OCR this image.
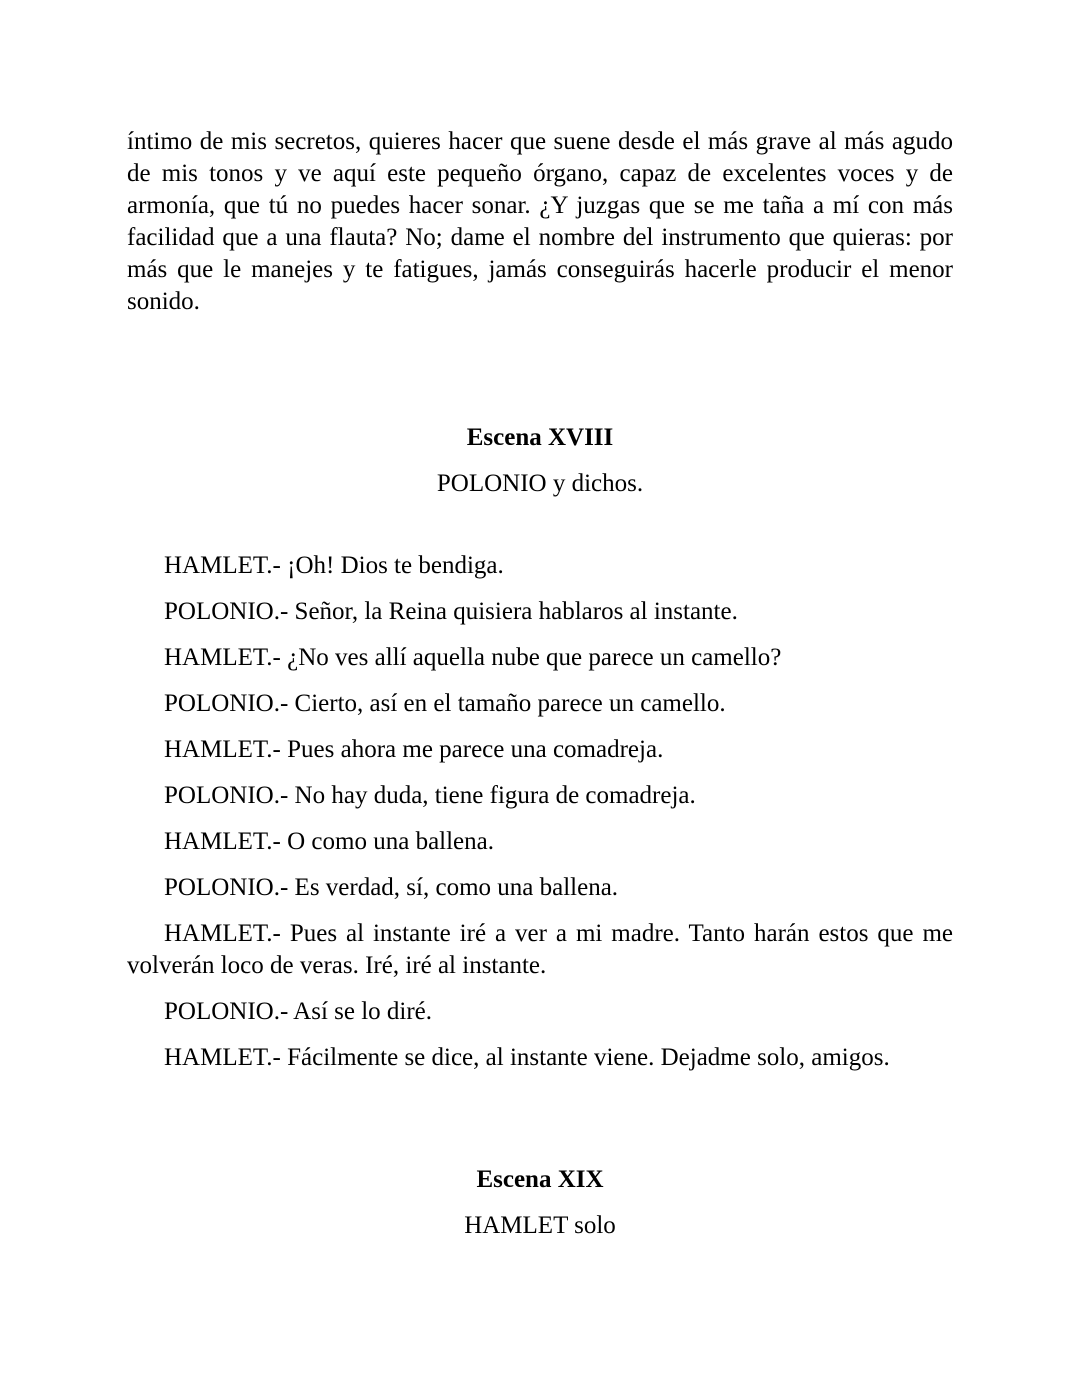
íntimo de mis secretos, quieres hacer que suene desde el más grave al más agudo de mis tonos y ve aquí este pequeño órgano, capaz de excelentes voces y de armonía, que tú no puedes hacer sonar. ¿Y juzgas que se me taña a mí con más facilidad que a una flauta? No; dame el nombre del instrumento que quieras: por más que le manejes y te fatigues, jamás conseguirás hacerle producir el menor sonido.

Escena XVIII

POLONIO y dichos.

HAMLET.- ¡Oh! Dios te bendiga.

POLONIO.- Señor, la Reina quisiera hablaros al instante.

HAMLET.- ¿No ves allí aquella nube que parece un camello?

POLONIO.- Cierto, así en el tamaño parece un camello.

HAMLET.- Pues ahora me parece una comadreja.

POLONIO.- No hay duda, tiene figura de comadreja.

HAMLET.- O como una ballena.

POLONIO.- Es verdad, sí, como una ballena.

HAMLET.- Pues al instante iré a ver a mi madre. Tanto harán estos que me volverán loco de veras. Iré, iré al instante.

POLONIO.- Así se lo diré.

HAMLET.- Fácilmente se dice, al instante viene. Dejadme solo, amigos.

Escena XIX

HAMLET solo
